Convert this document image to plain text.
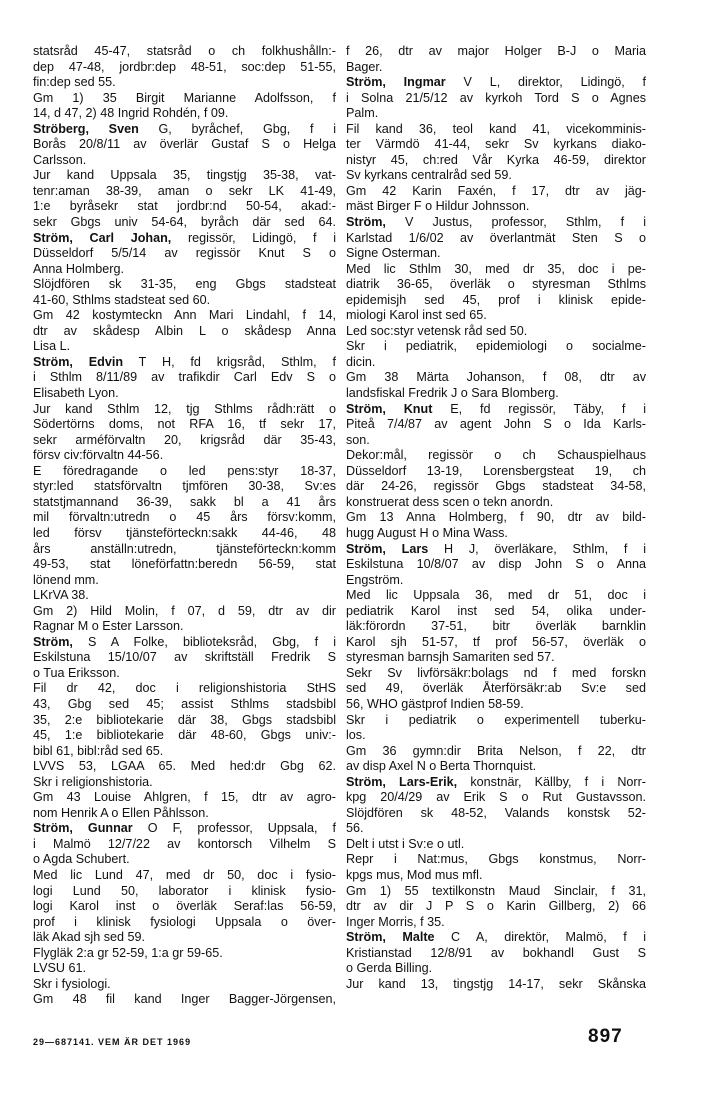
statsråd 45-47, statsråd o ch folkhushålln:-
dep 47-48, jordbr:dep 48-51, soc:dep 51-55,
fin:dep sed 55.
Gm 1) 35 Birgit Marianne Adolfsson, f
14, d 47, 2) 48 Ingrid Rohdén, f 09.
Ströberg, Sven G, byråchef, Gbg, f i
Borås 20/8/11 av överlär Gustaf S o Helga
Carlsson.
Jur kand Uppsala 35, tingstjg 35-38, vat-
tenr:aman 38-39, aman o sekr LK 41-49,
1:e byråsekr stat jordbr:nd 50-54, akad:-
sekr Gbgs univ 54-64, byråch där sed 64.
Ström, Carl Johan, regissör, Lidingö, f i
Düsseldorf 5/5/14 av regissör Knut S o
Anna Holmberg.
Slöjdfören sk 31-35, eng Gbgs stadsteat
41-60, Sthlms stadsteat sed 60.
Gm 42 kostymteckn Ann Mari Lindahl, f 14,
dtr av skådesp Albin L o skådesp Anna
Lisa L.
Ström, Edvin T H, fd krigsråd, Sthlm, f
i Sthlm 8/11/89 av trafikdir Carl Edv S o
Elisabeth Lyon.
Jur kand Sthlm 12, tjg Sthlms rådh:rätt o
Södertörns doms, not RFA 16, tf sekr 17,
sekr arméförvaltn 20, krigsråd där 35-43,
försv civ:förvaltn 44-56.
E föredragande o led pens:styr 18-37,
styr:led statsförvaltn tjmfören 30-38, Sv:es
statstjmannand 36-39, sakk bl a 41 års
mil förvaltn:utredn o 45 års försv:komm,
led försv tjänsteförteckn:sakk 44-46, 48
års anställn:utredn, tjänsteförteckn:komm
49-53, stat löneförfattn:beredn 56-59, stat
lönend mm.
LKrVA 38.
Gm 2) Hild Molin, f 07, d 59, dtr av dir
Ragnar M o Ester Larsson.
Ström, S A Folke, biblioteksråd, Gbg, f i
Eskilstuna 15/10/07 av skriftställ Fredrik S
o Tua Eriksson.
Fil dr 42, doc i religionshistoria StHS
43, Gbg sed 45; assist Sthlms stadsbibl
35, 2:e bibliotekarie där 38, Gbgs stadsbibl
45, 1:e bibliotekarie där 48-60, Gbgs univ:-
bibl 61, bibl:råd sed 65.
LVVS 53, LGAA 65. Med hed:dr Gbg 62.
Skr i religionshistoria.
Gm 43 Louise Ahlgren, f 15, dtr av agro-
nom Henrik A o Ellen Påhlsson.
Ström, Gunnar O F, professor, Uppsala, f
i Malmö 12/7/22 av kontorsch Vilhelm S
o Agda Schubert.
Med lic Lund 47, med dr 50, doc i fysio-
logi Lund 50, laborator i klinisk fysio-
logi Karol inst o överläk Seraf:las 56-59,
prof i klinisk fysiologi Uppsala o över-
läk Akad sjh sed 59.
Flygläk 2:a gr 52-59, 1:a gr 59-65.
LVSU 61.
Skr i fysiologi.
Gm 48 fil kand Inger Bagger-Jörgensen,
f 26, dtr av major Holger B-J o Maria
Bager.
Ström, Ingmar V L, direktor, Lidingö, f
i Solna 21/5/12 av kyrkoh Tord S o Agnes
Palm.
Fil kand 36, teol kand 41, vicekomminis-
ter Värmdö 41-44, sekr Sv kyrkans diako-
nistyr 45, ch:red Vår Kyrka 46-59, direktor
Sv kyrkans centralråd sed 59.
Gm 42 Karin Faxén, f 17, dtr av jäg-
mäst Birger F o Hildur Johnsson.
Ström, V Justus, professor, Sthlm, f i
Karlstad 1/6/02 av överlantmät Sten S o
Signe Osterman.
Med lic Sthlm 30, med dr 35, doc i pe-
diatrik 36-65, överläk o styresman Sthlms
epidemisjh sed 45, prof i klinisk epide-
miologi Karol inst sed 65.
Led soc:styr vetensk råd sed 50.
Skr i pediatrik, epidemiologi o socialme-
dicin.
Gm 38 Märta Johanson, f 08, dtr av
landsfiskal Fredrik J o Sara Blomberg.
Ström, Knut E, fd regissör, Täby, f i
Piteå 7/4/87 av agent John S o Ida Karls-
son.
Dekor:mål, regissör o ch Schauspielhaus
Düsseldorf 13-19, Lorensbergsteat 19, ch
där 24-26, regissör Gbgs stadsteat 34-58,
konstruerat dess scen o tekn anordn.
Gm 13 Anna Holmberg, f 90, dtr av bild-
hugg August H o Mina Wass.
Ström, Lars H J, överläkare, Sthlm, f i
Eskilstuna 10/8/07 av disp John S o Anna
Engström.
Med lic Uppsala 36, med dr 51, doc i
pediatrik Karol inst sed 54, olika under-
läk:förordn 37-51, bitr överläk barnklin
Karol sjh 51-57, tf prof 56-57, överläk o
styresman barnsjh Samariten sed 57.
Sekr Sv livförsäkr:bolags nd f med forskn
sed 49, överläk Återförsäkr:ab Sv:e sed
56, WHO gästprof Indien 58-59.
Skr i pediatrik o experimentell tuberku-
los.
Gm 36 gymn:dir Brita Nelson, f 22, dtr
av disp Axel N o Berta Thornquist.
Ström, Lars-Erik, konstnär, Källby, f i Norr-
kpg 20/4/29 av Erik S o Rut Gustavsson.
Slöjdfören sk 48-52, Valands konstsk 52-
56.
Delt i utst i Sv:e o utl.
Repr i Nat:mus, Gbgs konstmus, Norr-
kpgs mus, Mod mus mfl.
Gm 1) 55 textilkonstn Maud Sinclair, f 31,
dtr av dir J P S o Karin Gillberg, 2) 66
Inger Morris, f 35.
Ström, Malte C A, direktör, Malmö, f i
Kristianstad 12/8/91 av bokhandl Gust S
o Gerda Billing.
Jur kand 13, tingstjg 14-17, sekr Skånska
29—687141. VEM ÄR DET 1969	897
